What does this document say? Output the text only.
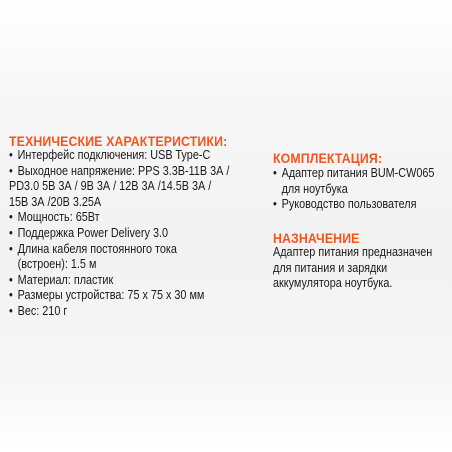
ТЕХНИЧЕСКИЕ ХАРАКТЕРИСТИКИ:
• Интерфейс подключения: USB Type-C
• Выходное напряжение: PPS 3.3В-11В 3А /
PD3.0 5В 3А / 9В 3А / 12В 3А /14.5В 3А /
15В 3А /20В 3.25А
• Мощность: 65Вт
• Поддержка Power Delivery 3.0
• Длина кабеля постоянного тока
(встроен): 1.5 м
• Материал: пластик
• Размеры устройства: 75 х 75 х 30 мм
• Вес: 210 г
КОМПЛЕКТАЦИЯ:
• Адаптер питания BUM-CW065
для ноутбука
• Руководство пользователя
НАЗНАЧЕНИЕ

Адаптер питания предназначен
для питания и зарядки
аккумулятора ноутбука.
